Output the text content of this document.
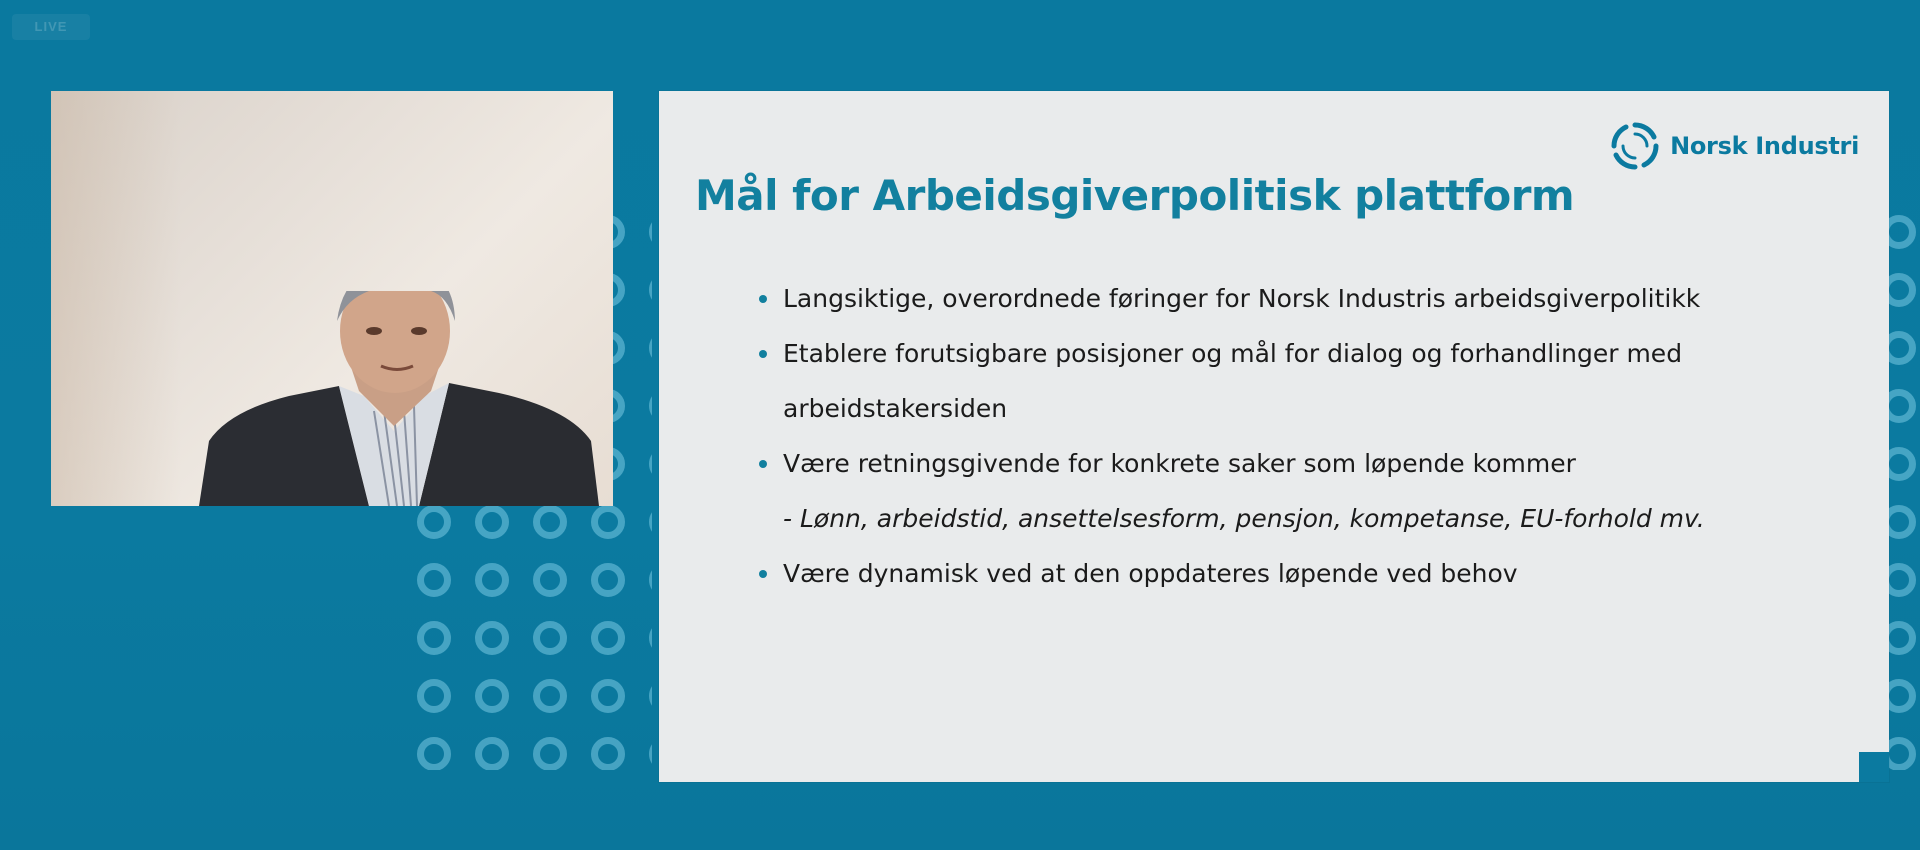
LIVE
Norsk Industri
Mål for Arbeidsgiverpolitisk plattform
Langsiktige, overordnede føringer for Norsk Industris arbeidsgiverpolitikk
Etablere forutsigbare posisjoner og mål for dialog og forhandlinger med arbeidstakersiden
Være retningsgivende for konkrete saker som løpende kommer
- Lønn, arbeidstid, ansettelsesform, pensjon, kompetanse, EU-forhold mv.
Være dynamisk ved at den oppdateres løpende ved behov
